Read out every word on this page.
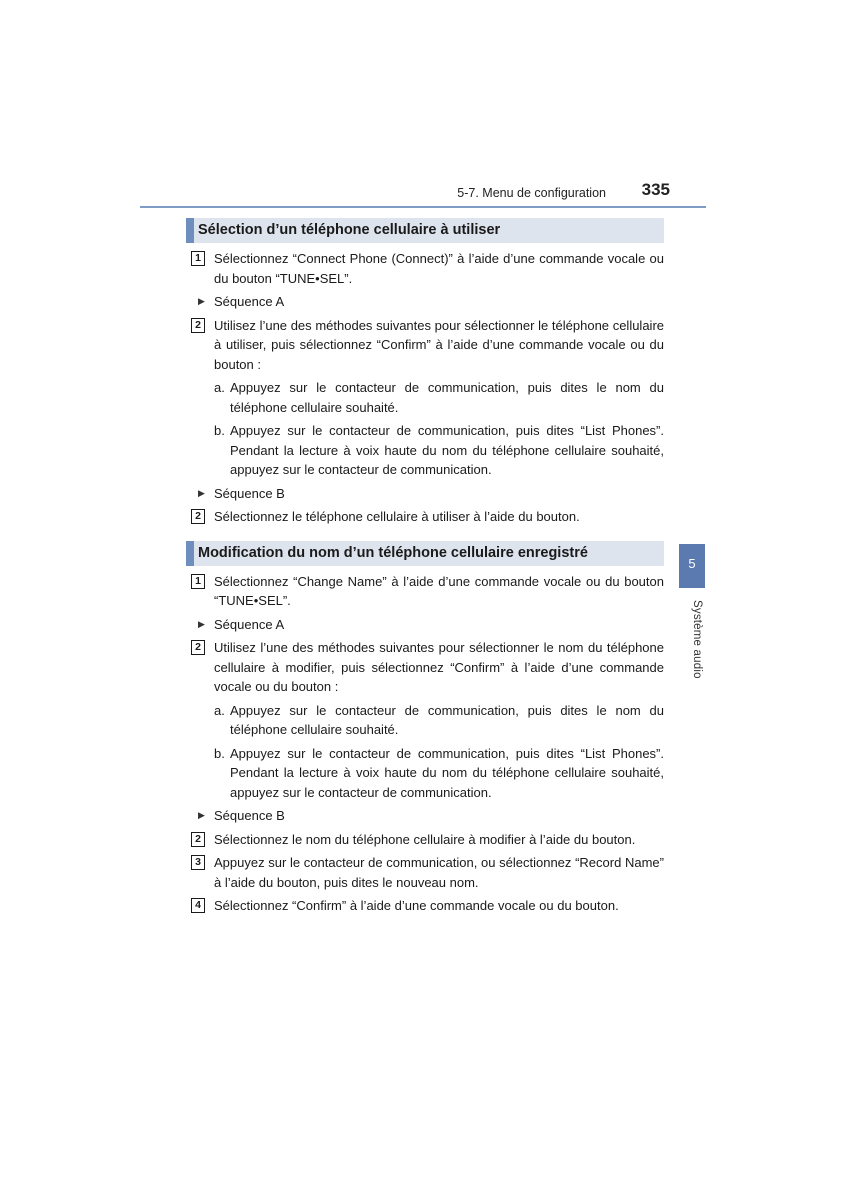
5-7. Menu de configuration 335
5
Système audio
Sélection d’un téléphone cellulaire à utiliser
1	Sélectionnez “Connect Phone (Connect)” à l’aide d’une commande vocale ou du bouton “TUNE•SEL”.
▶ Séquence A
2	Utilisez l’une des méthodes suivantes pour sélectionner le téléphone cellulaire à utiliser, puis sélectionnez “Confirm” à l’aide d’une commande vocale ou du bouton :
a. Appuyez sur le contacteur de communication, puis dites le nom du téléphone cellulaire souhaité.
b. Appuyez sur le contacteur de communication, puis dites “List Phones”. Pendant la lecture à voix haute du nom du téléphone cellulaire souhaité, appuyez sur le contacteur de communication.
▶ Séquence B
2	Sélectionnez le téléphone cellulaire à utiliser à l’aide du bouton.
Modification du nom d’un téléphone cellulaire enregistré
1	Sélectionnez “Change Name” à l’aide d’une commande vocale ou du bouton “TUNE•SEL”.
▶ Séquence A
2	Utilisez l’une des méthodes suivantes pour sélectionner le nom du téléphone cellulaire à modifier, puis sélectionnez “Confirm” à l’aide d’une commande vocale ou du bouton :
a. Appuyez sur le contacteur de communication, puis dites le nom du téléphone cellulaire souhaité.
b. Appuyez sur le contacteur de communication, puis dites “List Phones”. Pendant la lecture à voix haute du nom du téléphone cellulaire souhaité, appuyez sur le contacteur de communication.
▶ Séquence B
2	Sélectionnez le nom du téléphone cellulaire à modifier à l’aide du bouton.
3	Appuyez sur le contacteur de communication, ou sélectionnez “Record Name” à l’aide du bouton, puis dites le nouveau nom.
4	Sélectionnez “Confirm” à l’aide d’une commande vocale ou du bouton.
